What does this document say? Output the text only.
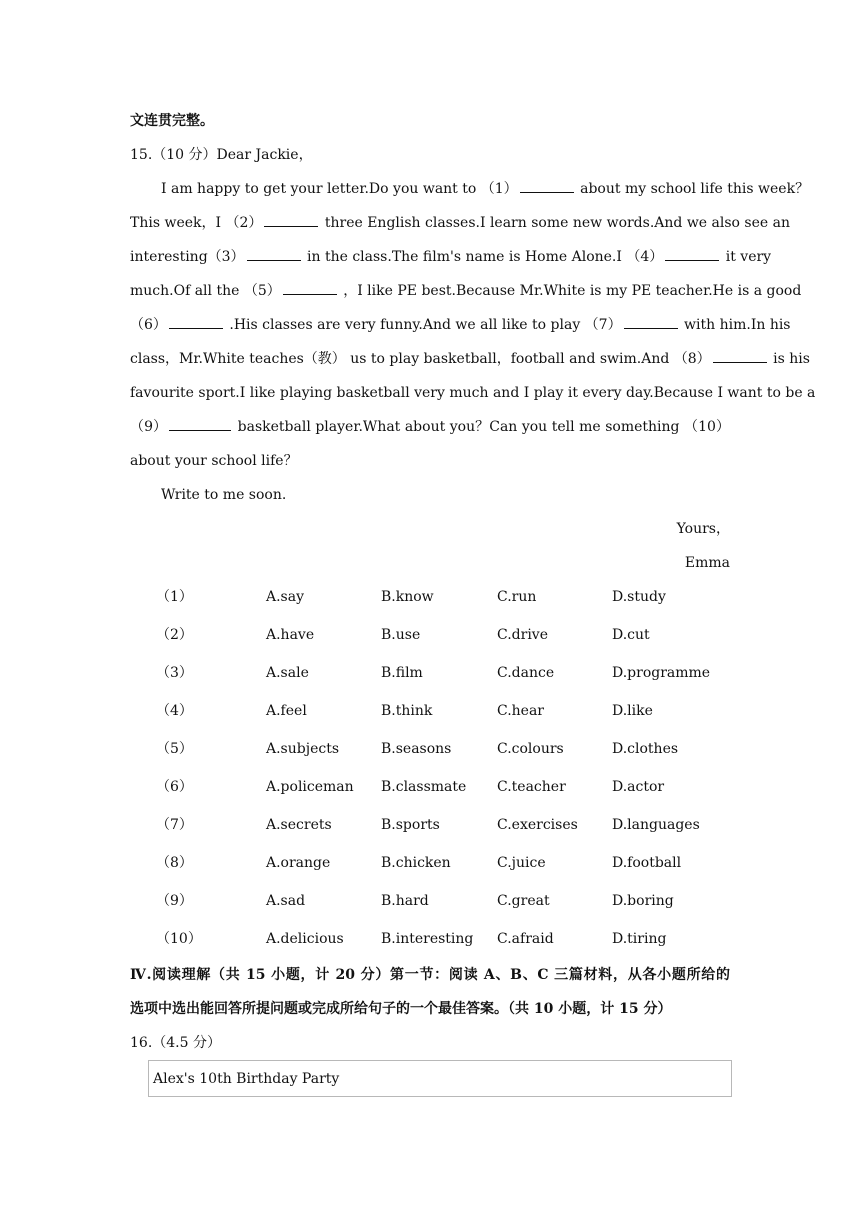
文连贯完整。
15.（10 分）Dear Jackie，
I am happy to get your letter.Do you want to （1）	about my school life this week？
This week，I （2）	three English classes.I learn some new words.And we also see an
interesting（3）	in the class.The film's name is Home Alone.I （4）	it very
much.Of all the （5）	，I like PE best.Because Mr.White is my PE teacher.He is a good
（6）	.His classes are very funny.And we all like to play （7）	with him.In his
class，Mr.White teaches（教） us to play basketball，football and swim.And （8）	is his
favourite sport.I like playing basketball very much and I play it every day.Because I want to be a
（9）	basketball player.What about you？Can you tell me something （10）
about your school life？
Write to me soon.
Yours，
Emma
（1）	A.say	B.know	C.run	D.study
（2）	A.have	B.use	C.drive	D.cut
（3）	A.sale	B.film	C.dance	D.programme
（4）	A.feel	B.think	C.hear	D.like
（5）	A.subjects	B.seasons	C.colours	D.clothes
（6）	A.policeman B.classmate C.teacher	D.actor
（7）	A.secrets	B.sports	C.exercises D.languages
（8）	A.orange	B.chicken	C.juice	D.football
（9）	A.sad	B.hard	C.great	D.boring
（10）	A.delicious	B.interesting C.afraid	D.tiring
Ⅳ.阅读理解（共 15 小题，计 20 分）第一节：阅读 A、B、C 三篇材料，从各小题所给的
选项中选出能回答所提问题或完成所给句子的一个最佳答案。（共 10 小题，计 15 分）
16.（4.5 分）
Alex's 10th Birthday Party
